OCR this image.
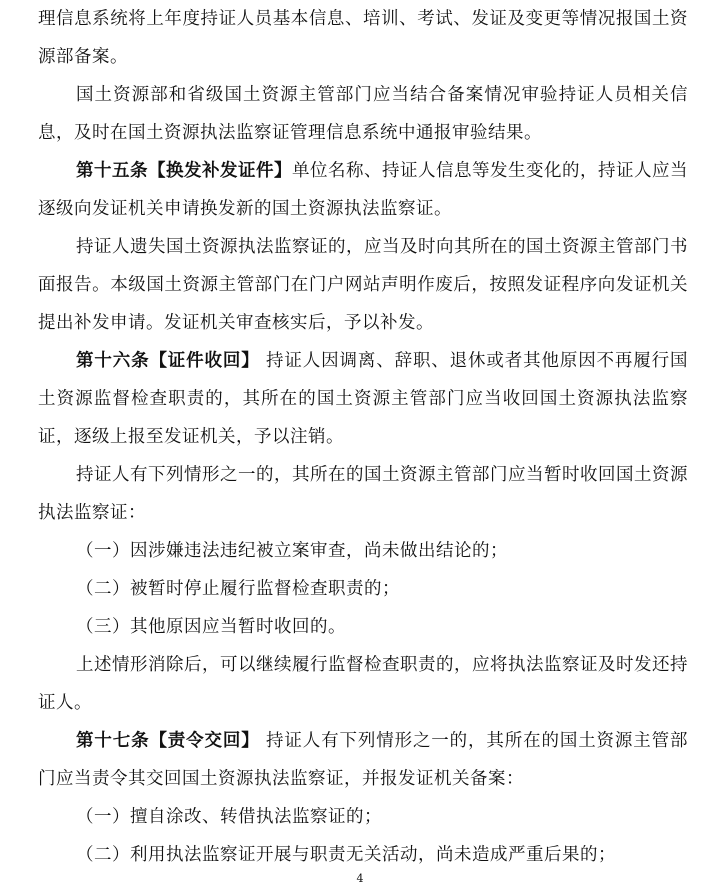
理信息系统将上年度持证人员基本信息、培训、考试、发证及变更等情况报国土资源部备案。

国土资源部和省级国土资源主管部门应当结合备案情况审验持证人员相关信息，及时在国土资源执法监察证管理信息系统中通报审验结果。

第十五条【换发补发证件】单位名称、持证人信息等发生变化的，持证人应当逐级向发证机关申请换发新的国土资源执法监察证。

持证人遗失国土资源执法监察证的，应当及时向其所在的国土资源主管部门书面报告。本级国土资源主管部门在门户网站声明作废后，按照发证程序向发证机关提出补发申请。发证机关审查核实后，予以补发。

第十六条【证件收回】 持证人因调离、辞职、退休或者其他原因不再履行国土资源监督检查职责的，其所在的国土资源主管部门应当收回国土资源执法监察证，逐级上报至发证机关，予以注销。

持证人有下列情形之一的，其所在的国土资源主管部门应当暂时收回国土资源执法监察证：

（一）因涉嫌违法违纪被立案审查，尚未做出结论的；

（二）被暂时停止履行监督检查职责的；

（三）其他原因应当暂时收回的。

上述情形消除后，可以继续履行监督检查职责的，应将执法监察证及时发还持证人。

第十七条【责令交回】 持证人有下列情形之一的，其所在的国土资源主管部门应当责令其交回国土资源执法监察证，并报发证机关备案：

（一）擅自涂改、转借执法监察证的；

（二）利用执法监察证开展与职责无关活动，尚未造成严重后果的；

4
